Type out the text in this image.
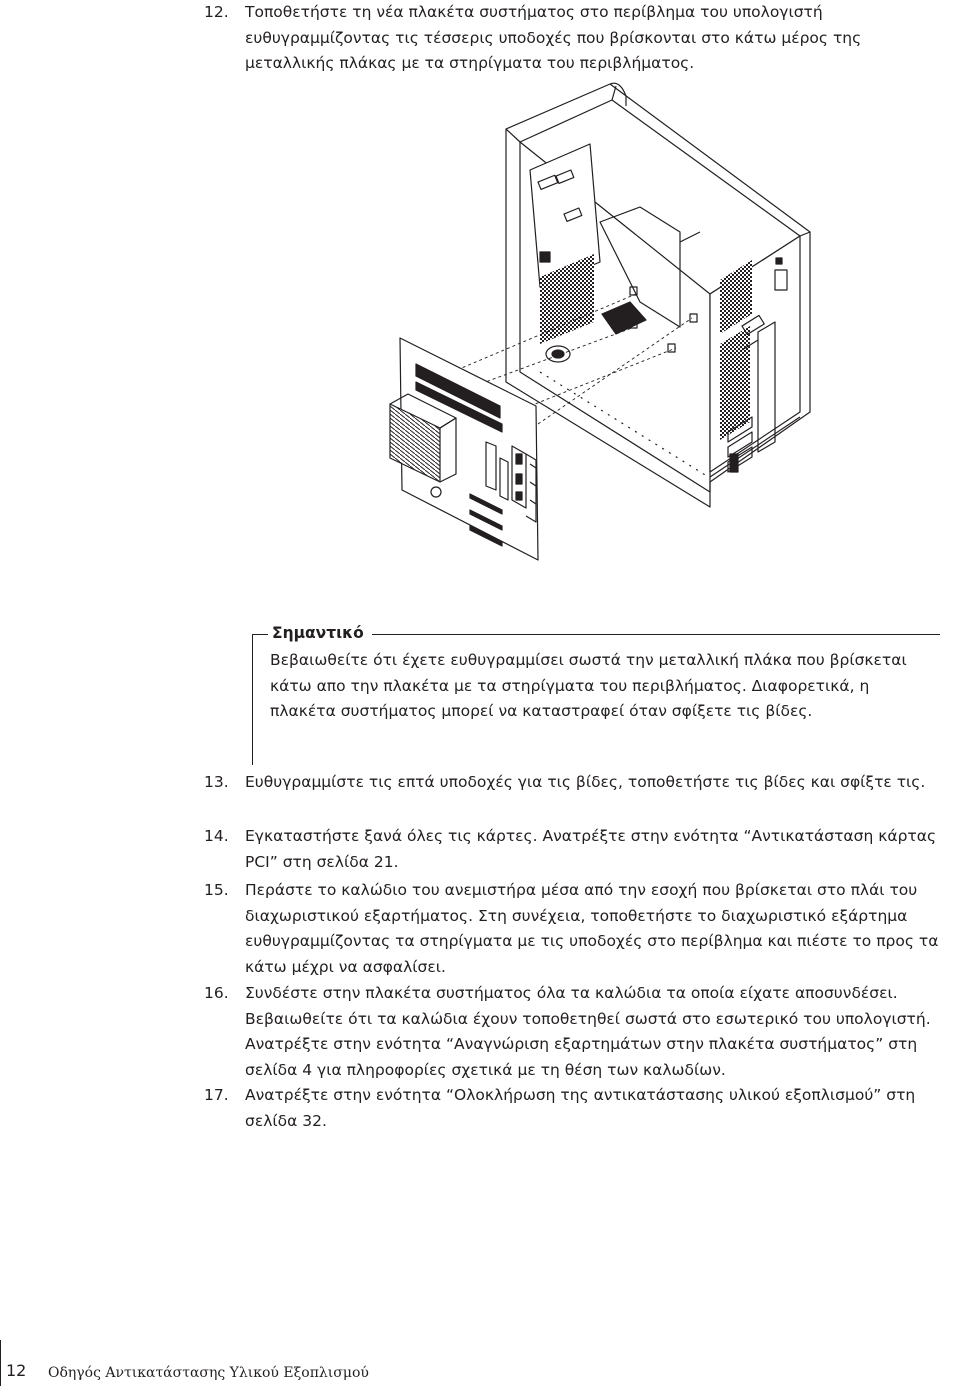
12.	Τοποθετήστε τη νέα πλακέτα συστήματος στο περίβλημα του υπολογιστή ευθυγραμμίζοντας τις τέσσερις υποδοχές που βρίσκονται στο κάτω μέρος της μεταλλικής πλάκας με τα στηρίγματα του περιβλήματος.
Σημαντικό
Βεβαιωθείτε ότι έχετε ευθυγραμμίσει σωστά την μεταλλική πλάκα που βρίσκεται κάτω απο την πλακέτα με τα στηρίγματα του περιβλήματος. Διαφορετικά, η πλακέτα συστήματος μπορεί να καταστραφεί όταν σφίξετε τις βίδες.
13.	Ευθυγραμμίστε τις επτά υποδοχές για τις βίδες, τοποθετήστε τις βίδες και σφίξτε τις.
14.	Εγκαταστήστε ξανά όλες τις κάρτες. Ανατρέξτε στην ενότητα “Αντικατάσταση κάρτας PCI” στη σελίδα 21.
15.	Περάστε το καλώδιο του ανεμιστήρα μέσα από την εσοχή που βρίσκεται στο πλάι του διαχωριστικού εξαρτήματος. Στη συνέχεια, τοποθετήστε το διαχωριστικό εξάρτημα ευθυγραμμίζοντας τα στηρίγματα με τις υποδοχές στο περίβλημα και πιέστε το προς τα κάτω μέχρι να ασφαλίσει.
16.	Συνδέστε στην πλακέτα συστήματος όλα τα καλώδια τα οποία είχατε αποσυνδέσει. Βεβαιωθείτε ότι τα καλώδια έχουν τοποθετηθεί σωστά στο εσωτερικό του υπολογιστή. Ανατρέξτε στην ενότητα “Αναγνώριση εξαρτημάτων στην πλακέτα συστήματος” στη σελίδα 4 για πληροφορίες σχετικά με τη θέση των καλωδίων.
17.	Ανατρέξτε στην ενότητα “Ολοκλήρωση της αντικατάστασης υλικού εξοπλισμού” στη σελίδα 32.
12 Οδηγός Αντικατάστασης Υλικού Εξοπλισμού
